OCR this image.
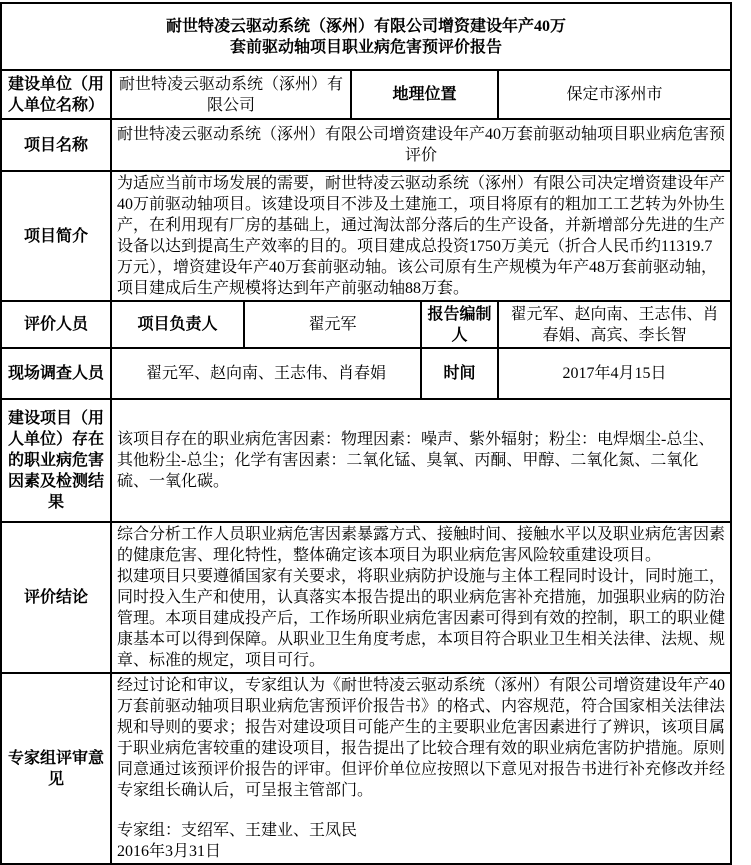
耐世特凌云驱动系统（涿州）有限公司增资建设年产40万
套前驱动轴项目职业病危害预评价报告					

建设单位（用人单位名称）	耐世特凌云驱动系统（涿州）有限公司		地理位置		保定市涿州市
项目名称	耐世特凌云驱动系统（涿州）有限公司增资建设年产40万套前驱动轴项目职业病危害预评价				
项目简介	为适应当前市场发展的需要，耐世特凌云驱动系统（涿州）有限公司决定增资建设年产40万前驱动轴项目。该建设项目不涉及土建施工，项目将原有的粗加工工艺转为外协生产，在利用现有厂房的基础上，通过淘汰部分落后的生产设备，并新增部分先进的生产设备以达到提高生产效率的目的。项目建成总投资1750万美元（折合人民币约11319.7万元），增资建设年产40万套前驱动轴。该公司原有生产规模为年产48万套前驱动轴，项目建成后生产规模将达到年产前驱动轴88万套。				
评价人员	项目负责人	翟元军		报告编制人	翟元军、赵向南、王志伟、肖春娟、高宾、李长智
现场调查人员	翟元军、赵向南、王志伟、肖春娟			时间	2017年4月15日
建设项目（用人单位）存在的职业病危害因素及检测结果	该项目存在的职业病危害因素：物理因素：噪声、紫外辐射；粉尘：电焊烟尘-总尘、其他粉尘-总尘；化学有害因素：二氧化锰、臭氧、丙酮、甲醇、二氧化氮、二氧化硫、一氧化碳。				
评价结论	综合分析工作人员职业病危害因素暴露方式、接触时间、接触水平以及职业病危害因素的健康危害、理化特性，整体确定该本项目为职业病危害风险较重建设项目。
拟建项目只要遵循国家有关要求，将职业病防护设施与主体工程同时设计，同时施工，同时投入生产和使用，认真落实本报告提出的职业病危害补充措施，加强职业病的防治管理。本项目建成投产后，工作场所职业病危害因素可得到有效的控制，职工的职业健康基本可以得到保障。从职业卫生角度考虑，本项目符合职业卫生相关法律、法规、规章、标准的规定，项目可行。				

专家组评审意见	经过讨论和审议，专家组认为《耐世特凌云驱动系统（涿州）有限公司增资建设年产40万套前驱动轴项目职业病危害预评价报告书》的格式、内容规范，符合国家相关法律法规和导则的要求；报告对建设项目可能产生的主要职业危害因素进行了辨识，该项目属于职业病危害较重的建设项目，报告提出了比较合理有效的职业病危害防护措施。原则同意通过该预评价报告的评审。但评价单位应按照以下意见对报告书进行补充修改并经专家组长确认后，可呈报主管部门。
专家组：支绍军、王建业、王凤民
2016年3月31日				
